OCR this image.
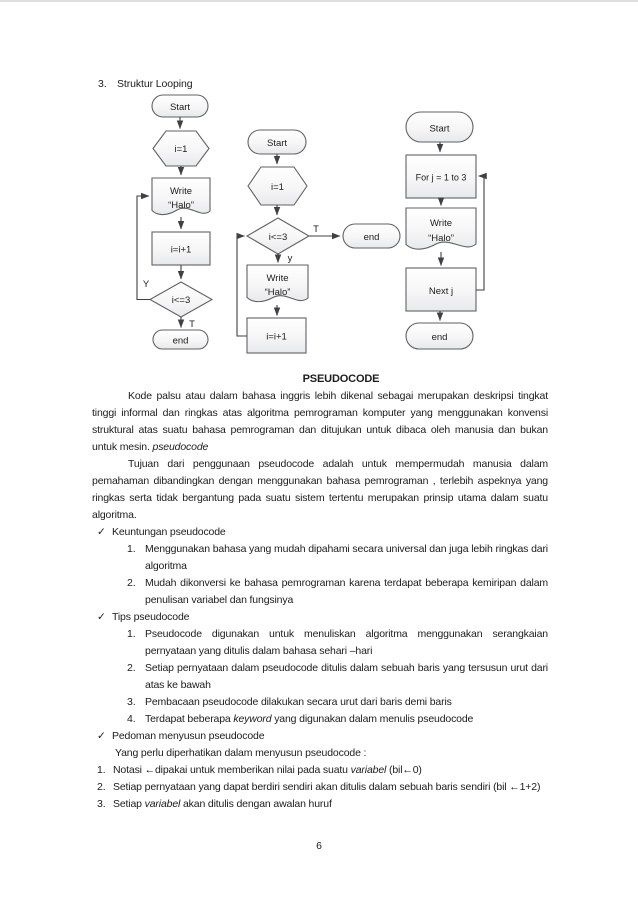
3. Struktur Looping
Start
i=1
Write
“Halo”
i=i+1
i<=3
Y
T
end
Start
i=1
i<=3
T
end
y
Write
“Halo”
i=i+1
Start
For j = 1 to 3
Write
“Halo”
Next j
end
PSEUDOCODE
Kode palsu atau dalam bahasa inggris lebih dikenal sebagai merupakan deskripsi tingkat tinggi informal dan ringkas atas algoritma pemrograman komputer yang menggunakan konvensi struktural atas suatu bahasa pemrograman dan ditujukan untuk dibaca oleh manusia dan bukan untuk mesin. pseudocode
Tujuan dari penggunaan pseudocode adalah untuk mempermudah manusia dalam pemahaman dibandingkan dengan menggunakan bahasa pemrograman , terlebih aspeknya yang ringkas serta tidak bergantung pada suatu sistem tertentu merupakan prinsip utama dalam suatu algoritma.
✓ Keuntungan pseudocode
1. Menggunakan bahasa yang mudah dipahami secara universal dan juga lebih ringkas dari algoritma
2. Mudah dikonversi ke bahasa pemrograman karena terdapat beberapa kemiripan dalam penulisan variabel dan fungsinya
✓ Tips pseudocode
1. Pseudocode digunakan untuk menuliskan algoritma menggunakan serangkaian pernyataan yang ditulis dalam bahasa sehari –hari
2. Setiap pernyataan dalam pseudocode ditulis dalam sebuah baris yang tersusun urut dari atas ke bawah
3. Pembacaan pseudocode dilakukan secara urut dari baris demi baris
4. Terdapat beberapa keyword yang digunakan dalam menulis pseudocode
✓ Pedoman menyusun pseudocode
Yang perlu diperhatikan dalam menyusun pseudocode :
1. Notasi ←dipakai untuk memberikan nilai pada suatu variabel (bil←0)
2. Setiap pernyataan yang dapat berdiri sendiri akan ditulis dalam sebuah baris sendiri (bil ←1+2)
3. Setiap variabel akan ditulis dengan awalan huruf
6
